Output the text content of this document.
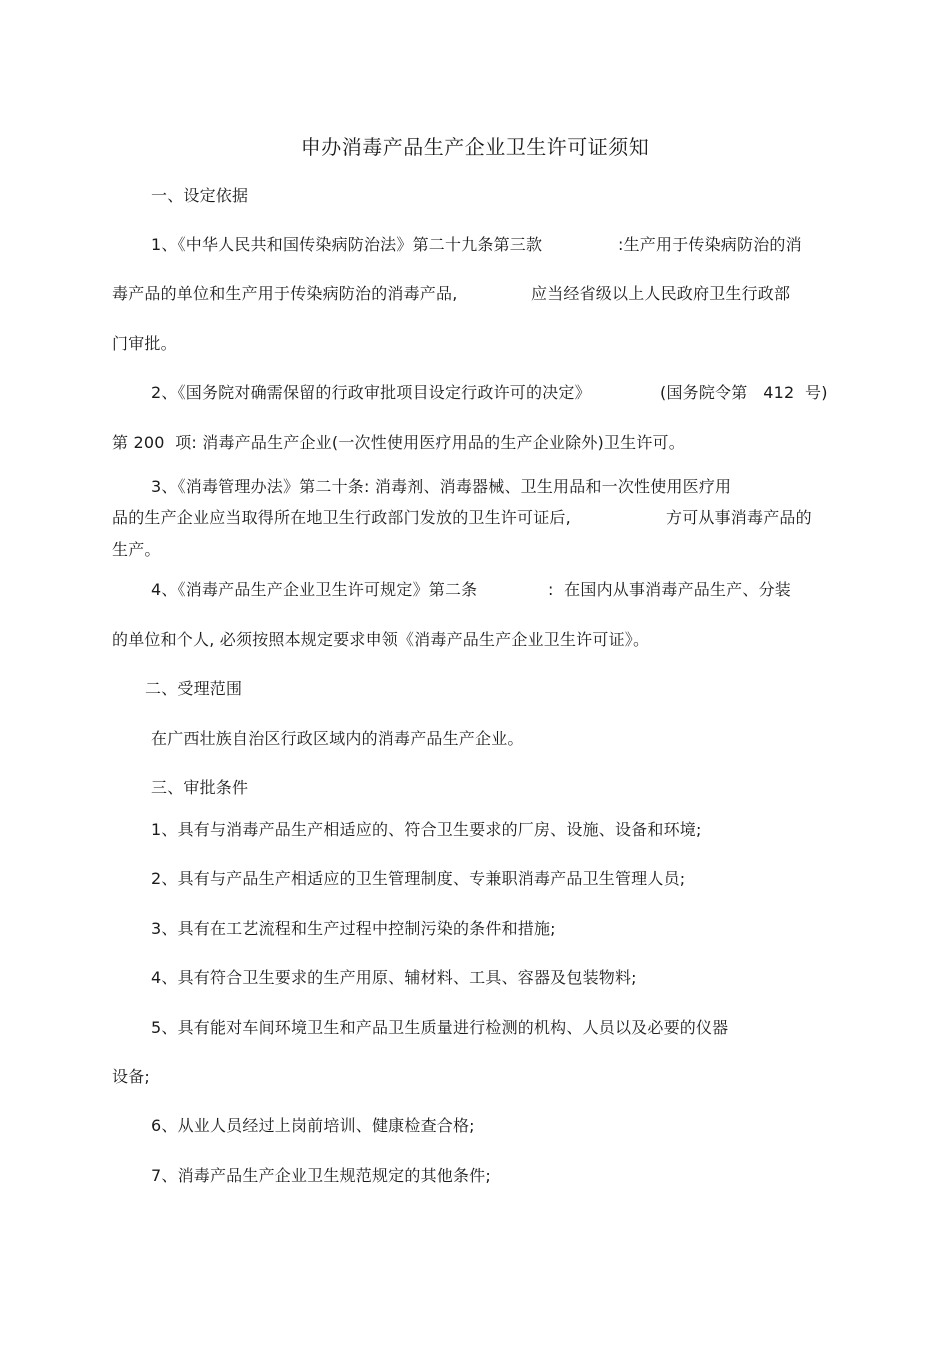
申办消毒产品生产企业卫生许可证须知
一、设定依据
1、《中华人民共和国传染病防治法》第二十九条第三款	:生产用于传染病防治的消
毒产品的单位和生产用于传染病防治的消毒产品,	应当经省级以上人民政府卫生行政部
门审批。
2、《国务院对确需保留的行政审批项目设定行政许可的决定》	(国务院令第   412  号)
第 200  项: 消毒产品生产企业(一次性使用医疗用品的生产企业除外)卫生许可。
3、《消毒管理办法》第二十条: 消毒剂、消毒器械、卫生用品和一次性使用医疗用
品的生产企业应当取得所在地卫生行政部门发放的卫生许可证后,	方可从事消毒产品的
生产。
4、《消毒产品生产企业卫生许可规定》第二条	:  在国内从事消毒产品生产、分装
的单位和个人, 必须按照本规定要求申领《消毒产品生产企业卫生许可证》。
二、受理范围
在广西壮族自治区行政区域内的消毒产品生产企业。
三、审批条件
1、具有与消毒产品生产相适应的、符合卫生要求的厂房、设施、设备和环境;
2、具有与产品生产相适应的卫生管理制度、专兼职消毒产品卫生管理人员;
3、具有在工艺流程和生产过程中控制污染的条件和措施;
4、具有符合卫生要求的生产用原、辅材料、工具、容器及包装物料;
5、具有能对车间环境卫生和产品卫生质量进行检测的机构、人员以及必要的仪器
设备;
6、从业人员经过上岗前培训、健康检查合格;
7、消毒产品生产企业卫生规范规定的其他条件;
